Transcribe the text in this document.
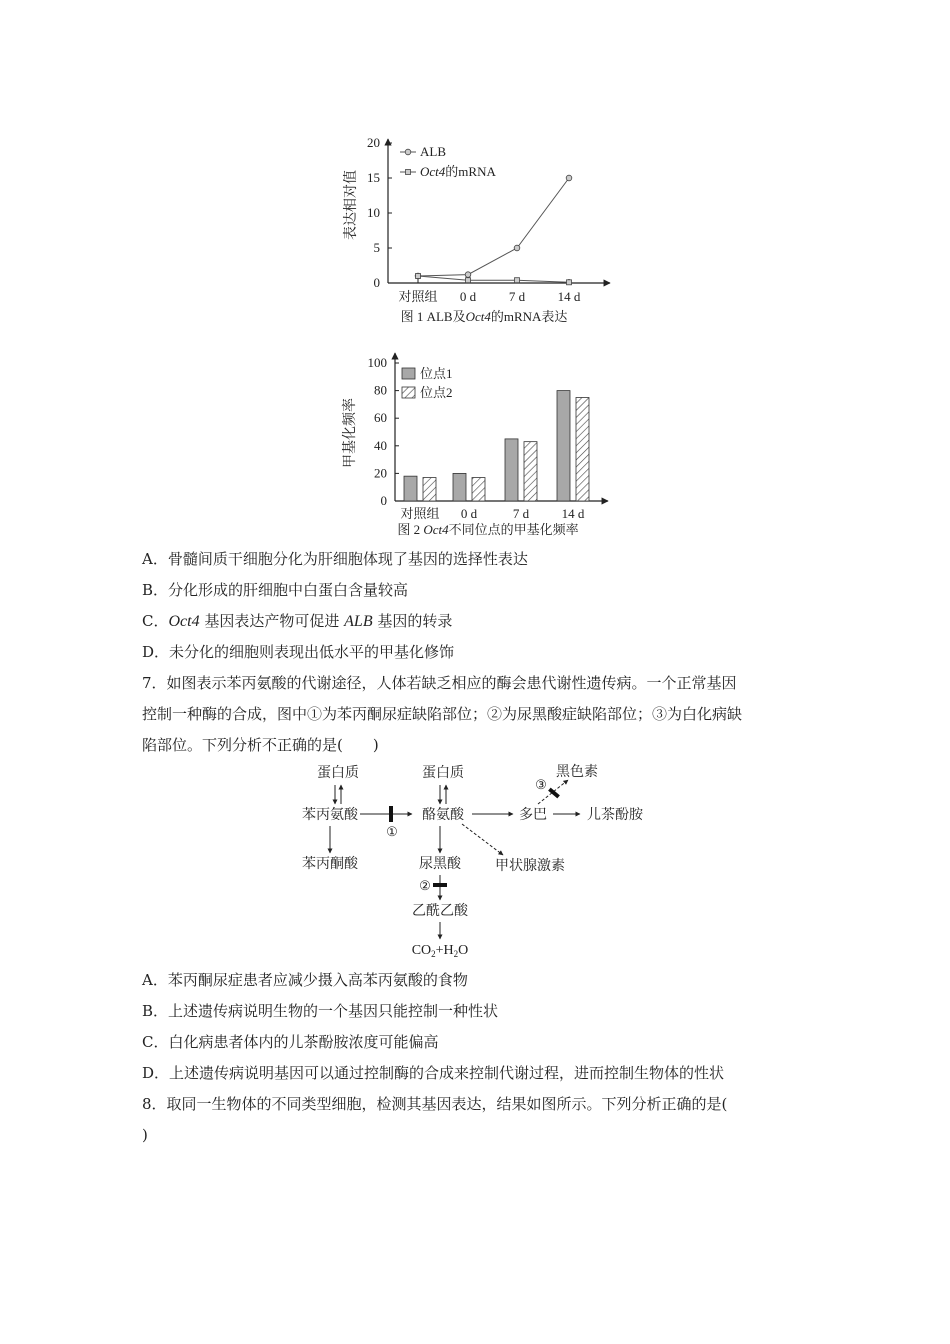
表达相对值
0
5
10
15
20
对照组 0 d	7 d	14 d
ALB
Oct4的mRNA
图 1 ALB及Oct4的mRNA表达
甲基化频率
0
20
40
60
80
100
对照组 0 d	7 d	14 d
位点1
位点2
图 2 Oct4不同位点的甲基化频率
A．骨髓间质干细胞分化为肝细胞体现了基因的选择性表达
B．分化形成的肝细胞中白蛋白含量较高
C．Oct4 基因表达产物可促进 ALB 基因的转录
D．未分化的细胞则表现出低水平的甲基化修饰
7．如图表示苯丙氨酸的代谢途径，人体若缺乏相应的酶会患代谢性遗传病。一个正常基因
控制一种酶的合成，图中①为苯丙酮尿症缺陷部位；②为尿黑酸症缺陷部位；③为白化病缺
陷部位。下列分析不正确的是(　　)
蛋白质	蛋白质
苯丙氨酸	酪氨酸	多巴	儿茶酚胺
黑色素
甲状腺激素
苯丙酮酸	尿黑酸
乙酰乙酸
$CO_2+H_2O$
①
②
③
A．苯丙酮尿症患者应减少摄入高苯丙氨酸的食物
B．上述遗传病说明生物的一个基因只能控制一种性状
C．白化病患者体内的儿茶酚胺浓度可能偏高
D．上述遗传病说明基因可以通过控制酶的合成来控制代谢过程，进而控制生物体的性状
8．取同一生物体的不同类型细胞，检测其基因表达，结果如图所示。下列分析正确的是(
)
